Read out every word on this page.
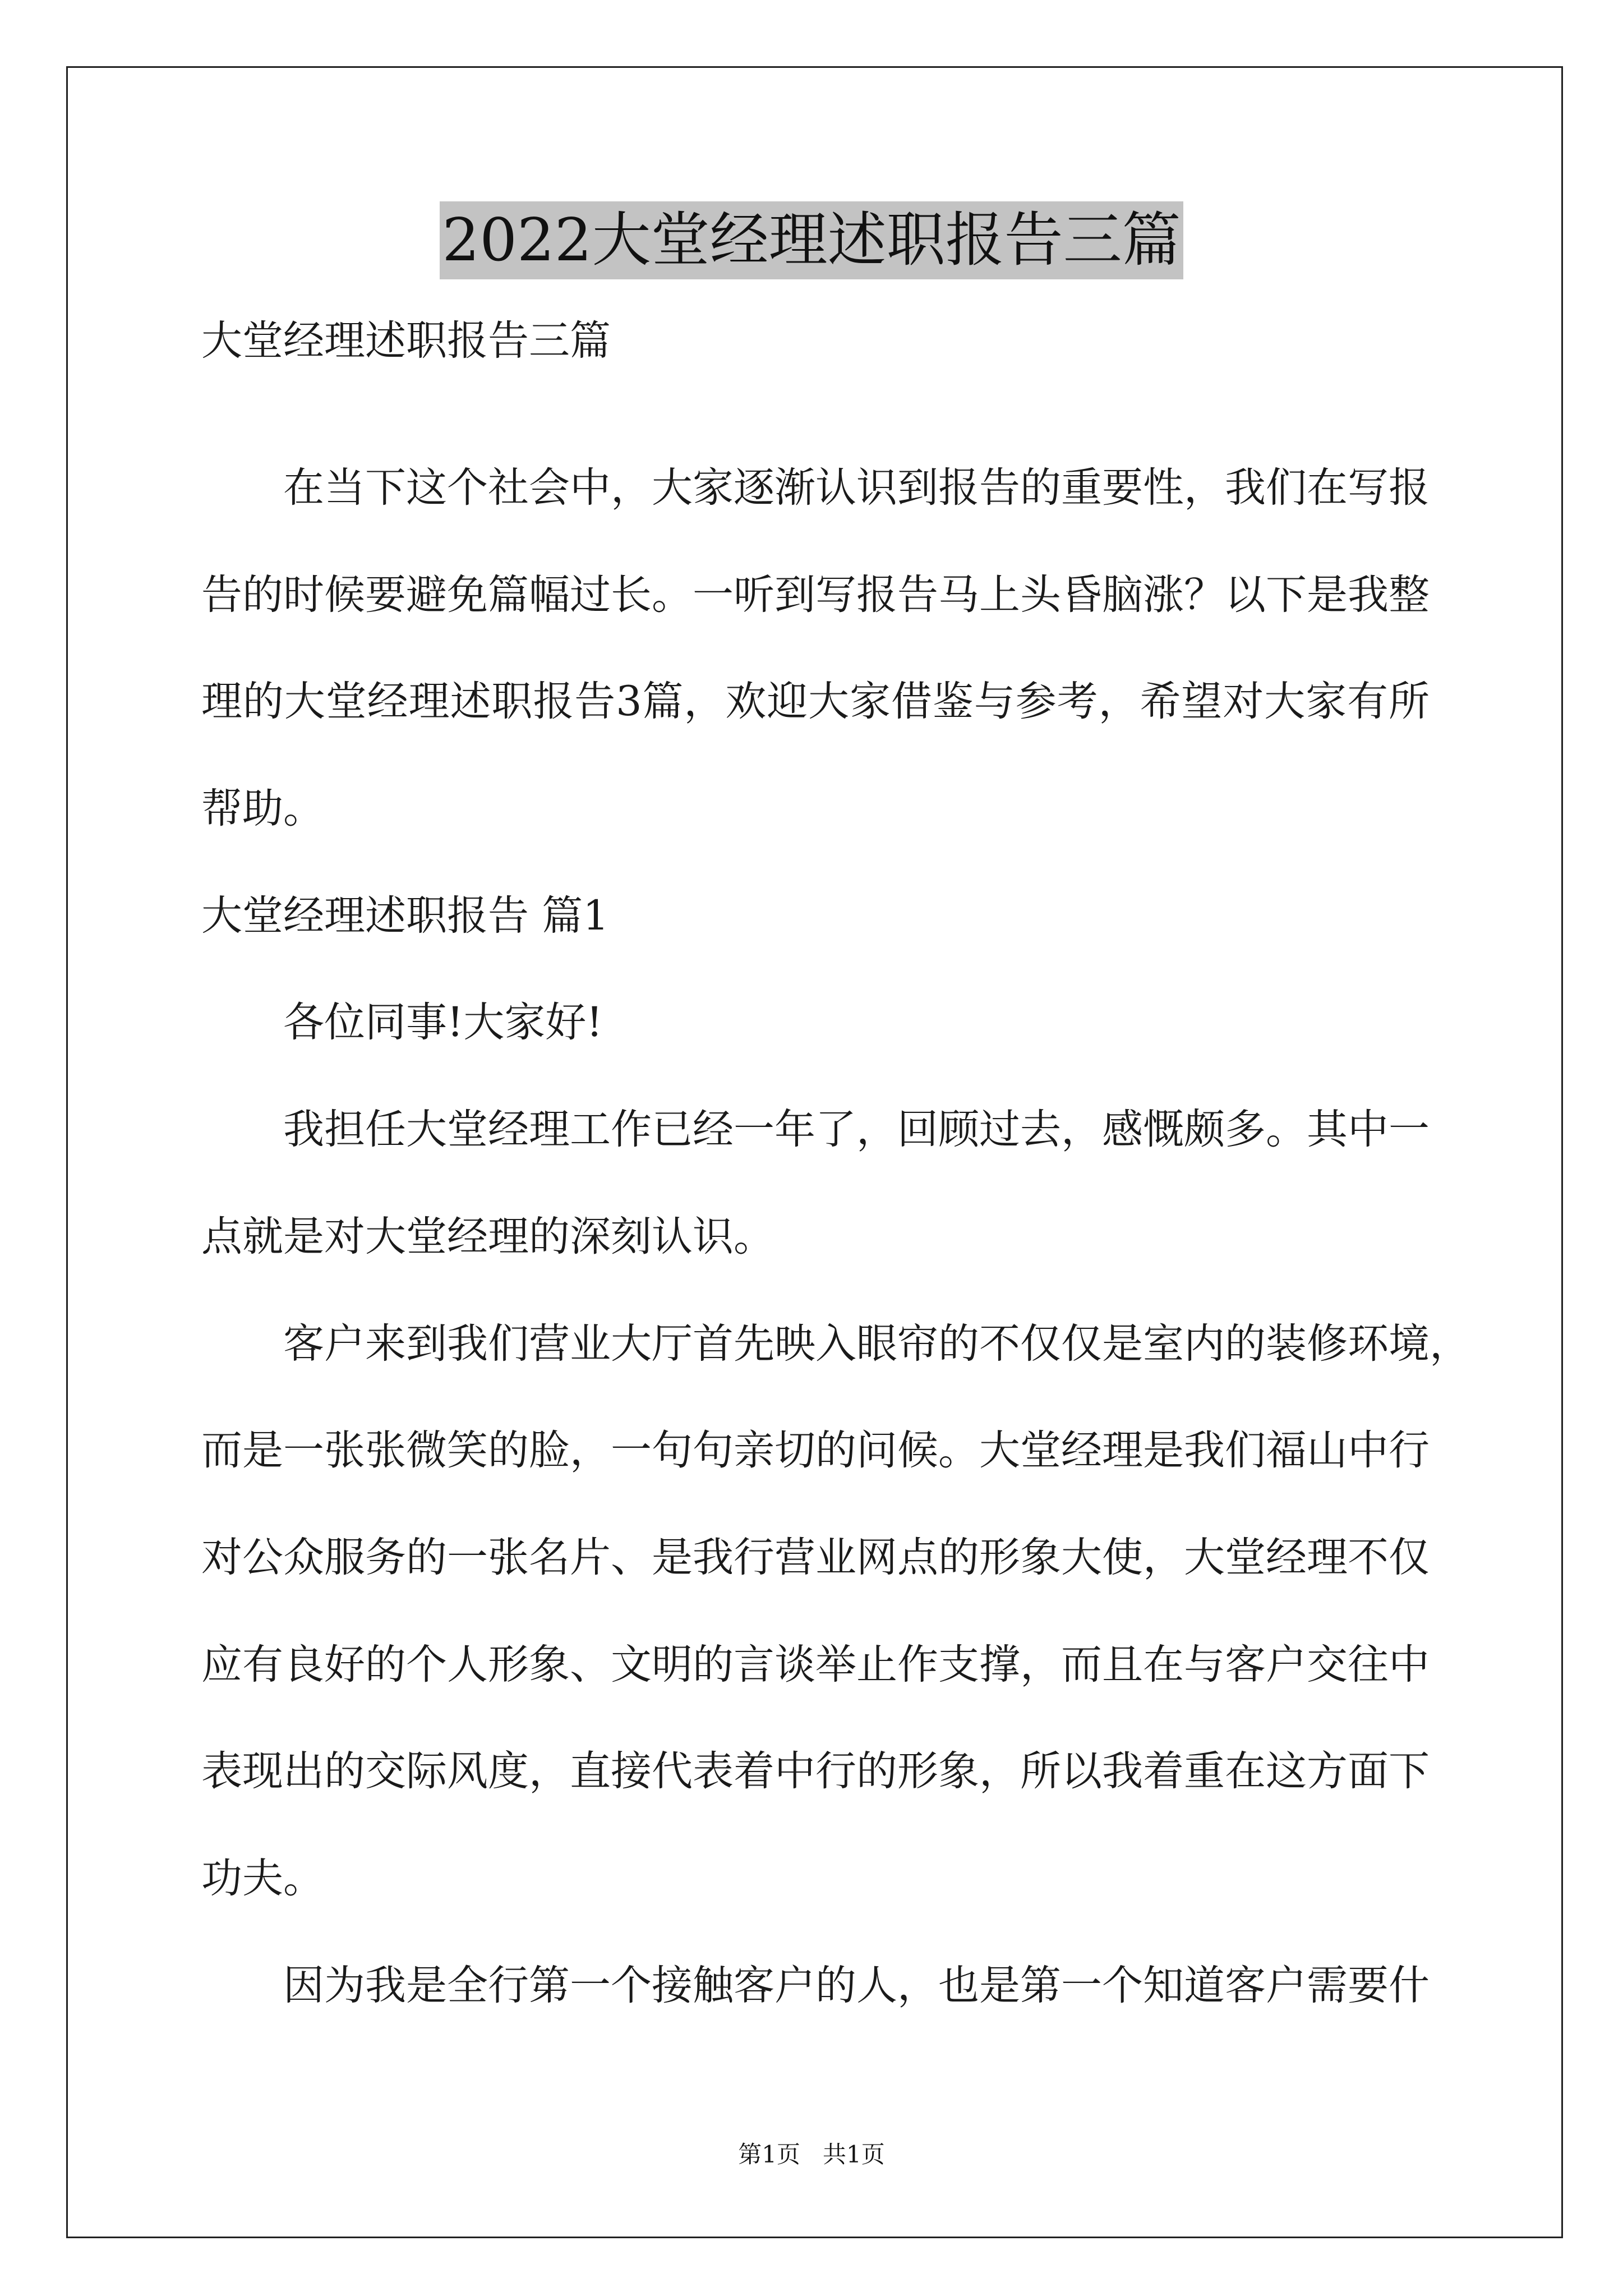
2022大堂经理述职报告三篇
大堂经理述职报告三篇
在当下这个社会中，大家逐渐认识到报告的重要性，我们在写报
告的时候要避免篇幅过长。一听到写报告马上头昏脑涨？以下是我整
理的大堂经理述职报告3篇，欢迎大家借鉴与参考，希望对大家有所
帮助。
大堂经理述职报告 篇1
各位同事!大家好!
我担任大堂经理工作已经一年了，回顾过去，感慨颇多。其中一
点就是对大堂经理的深刻认识。
客户来到我们营业大厅首先映入眼帘的不仅仅是室内的装修环境，
而是一张张微笑的脸，一句句亲切的问候。大堂经理是我们福山中行
对公众服务的一张名片、是我行营业网点的形象大使，大堂经理不仅
应有良好的个人形象、文明的言谈举止作支撑，而且在与客户交往中
表现出的交际风度，直接代表着中行的形象，所以我着重在这方面下
功夫。
因为我是全行第一个接触客户的人，也是第一个知道客户需要什
第1页 共1页
